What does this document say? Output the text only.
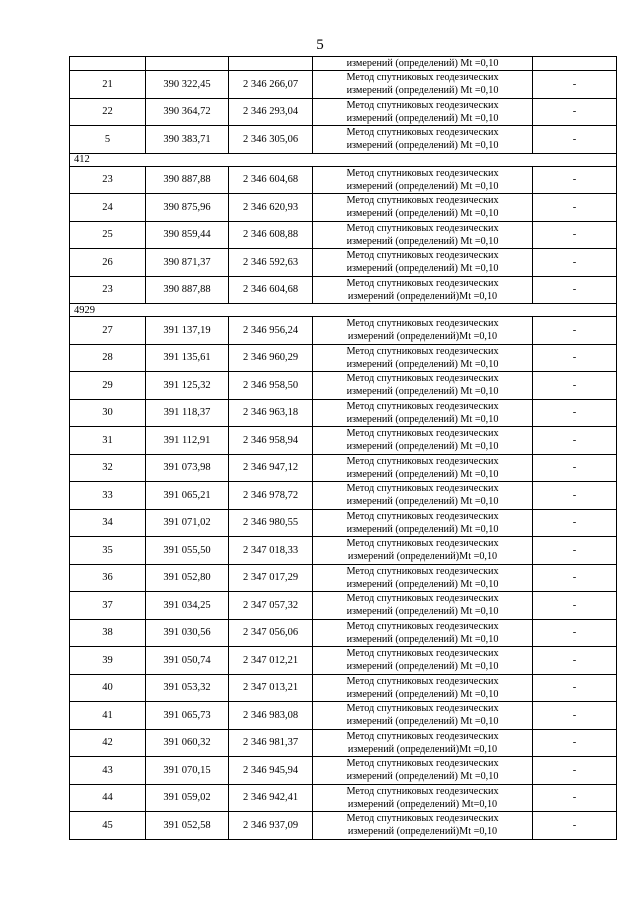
5
			измерений (определений) Mt =0,10	
21	390 322,45	2 346 266,07	Метод спутниковых геодезических
измерений (определений) Mt =0,10	-
22	390 364,72	2 346 293,04	Метод спутниковых геодезических
измерений (определений) Mt =0,10	-
5	390 383,71	2 346 305,06	Метод спутниковых геодезических
измерений (определений) Mt =0,10	-
412				
23	390 887,88	2 346 604,68	Метод спутниковых геодезических
измерений (определений) Mt =0,10	-
24	390 875,96	2 346 620,93	Метод спутниковых геодезических
измерений (определений) Mt =0,10	-
25	390 859,44	2 346 608,88	Метод спутниковых геодезических
измерений (определений) Mt =0,10	-
26	390 871,37	2 346 592,63	Метод спутниковых геодезических
измерений (определений) Mt =0,10	-
23	390 887,88	2 346 604,68	Метод спутниковых геодезических
измерений (определений)Mt =0,10	-
4929				
27	391 137,19	2 346 956,24	Метод спутниковых геодезических
измерений (определений)Mt =0,10	-
28	391 135,61	2 346 960,29	Метод спутниковых геодезических
измерений (определений) Mt =0,10	-
29	391 125,32	2 346 958,50	Метод спутниковых геодезических
измерений (определений) Mt =0,10	-
30	391 118,37	2 346 963,18	Метод спутниковых геодезических
измерений (определений) Mt =0,10	-
31	391 112,91	2 346 958,94	Метод спутниковых геодезических
измерений (определений) Mt =0,10	-
32	391 073,98	2 346 947,12	Метод спутниковых геодезических
измерений (определений) Mt =0,10	-
33	391 065,21	2 346 978,72	Метод спутниковых геодезических
измерений (определений) Mt =0,10	-
34	391 071,02	2 346 980,55	Метод спутниковых геодезических
измерений (определений) Mt =0,10	-
35	391 055,50	2 347 018,33	Метод спутниковых геодезических
измерений (определений)Mt =0,10	-
36	391 052,80	2 347 017,29	Метод спутниковых геодезических
измерений (определений) Mt =0,10	-
37	391 034,25	2 347 057,32	Метод спутниковых геодезических
измерений (определений) Mt =0,10	-
38	391 030,56	2 347 056,06	Метод спутниковых геодезических
измерений (определений) Mt =0,10	-
39	391 050,74	2 347 012,21	Метод спутниковых геодезических
измерений (определений) Mt =0,10	-
40	391 053,32	2 347 013,21	Метод спутниковых геодезических
измерений (определений) Mt =0,10	-
41	391 065,73	2 346 983,08	Метод спутниковых геодезических
измерений (определений) Mt =0,10	-
42	391 060,32	2 346 981,37	Метод спутниковых геодезических
измерений (определений)Mt =0,10	-
43	391 070,15	2 346 945,94	Метод спутниковых геодезических
измерений (определений) Mt =0,10	-
44	391 059,02	2 346 942,41	Метод спутниковых геодезических
измерений (определений) Mt=0,10	-
45	391 052,58	2 346 937,09	Метод спутниковых геодезических
измерений (определений)Mt =0,10	-
